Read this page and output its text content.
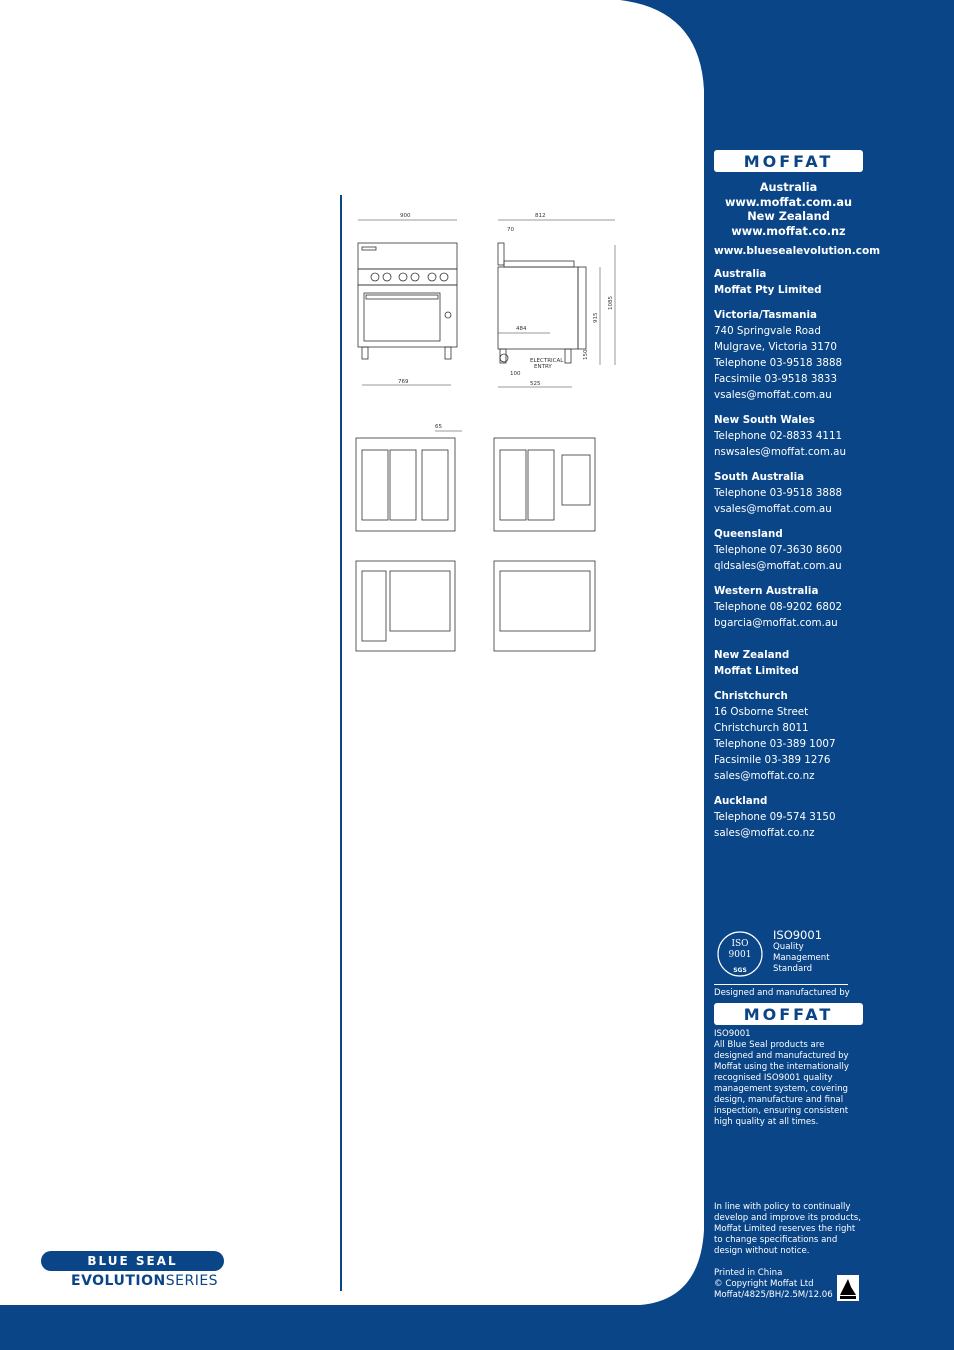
900
769
812
70
1085
915
150
484
ELECTRICAL
ENTRY
100
525
65
MOFFAT
Australia
www.moffat.com.au
New Zealand
www.moffat.co.nz
www.bluesealevolution.com
Australia
Moffat Pty Limited
Victoria/Tasmania
740 Springvale Road
Mulgrave, Victoria 3170
Telephone 03-9518 3888
Facsimile 03-9518 3833
vsales@moffat.com.au
New South Wales
Telephone 02-8833 4111
nswsales@moffat.com.au
South Australia
Telephone 03-9518 3888
vsales@moffat.com.au
Queensland
Telephone 07-3630 8600
qldsales@moffat.com.au
Western Australia
Telephone 08-9202 6802
bgarcia@moffat.com.au
New Zealand
Moffat Limited
Christchurch
16 Osborne Street
Christchurch 8011
Telephone 03-389 1007
Facsimile 03-389 1276
sales@moffat.co.nz
Auckland
Telephone 09-574 3150
sales@moffat.co.nz
ISO
9001
SGS
ISO9001
Quality
Management
Standard
Designed and manufactured by
MOFFAT
ISO9001
All Blue Seal products are
designed and manufactured by
Moffat using the internationally
recognised ISO9001 quality
management system, covering
design, manufacture and final
inspection, ensuring consistent
high quality at all times.
In line with policy to continually
develop and improve its products,
Moffat Limited reserves the right
to change specifications and
design without notice.
Printed in China
© Copyright Moffat Ltd
Moffat/4825/BH/2.5M/12.06
BLUE SEAL
EVOLUTIONSERIES
